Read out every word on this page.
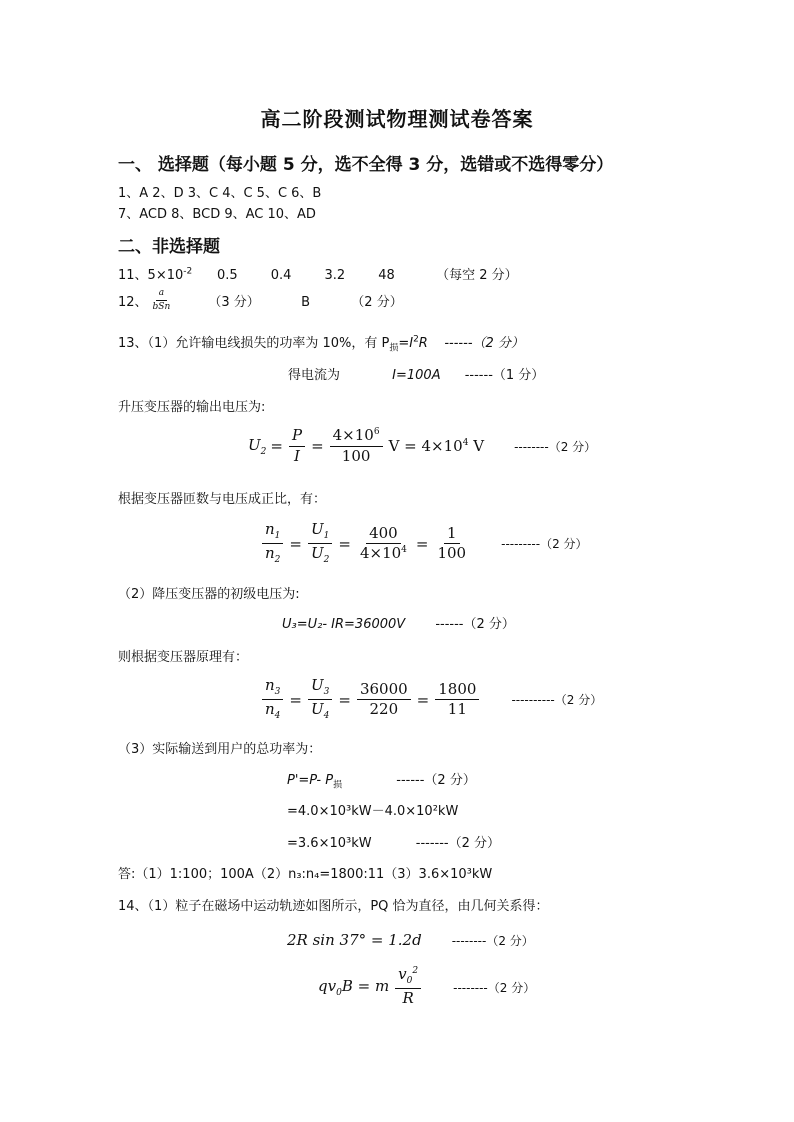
高二阶段测试物理测试卷答案
一、 选择题（每小题 5 分，选不全得 3 分，选错或不选得零分）
1、A 2、D 3、C 4、C 5、C 6、B
7、ACD 8、BCD 9、AC 10、AD
二、非选择题
11、$5\times 10^{-2}$      0.5        0.4        3.2        48          （每空 2 分）
12、 $\frac{a}{\text{bSn}} (3$ 分）          B          （2 分）
13、（1）允许输电线损失的功率为 10%，有 $P_损=I^2R$    ------（2 分）
得电流为	I=100A ------（1 分）
升压变压器的输出电压为:
$U_2 = \frac{P}{I} = \frac{4\times 10^6}{100}$ $V = 4\times 10^4$ V	--------（2 分）
根据变压器匝数与电压成正比，有：
$\frac{n_1}{n_2} = \frac{U_1}{U_2} = \frac{400}{4\times 10^4} = \frac{1}{100}$	---------（2 分）
（2）降压变压器的初级电压为:
U₃=U₂- IR=36000V ------（2 分）
则根据变压器原理有：
$\frac{n_3}{n_4} = \frac{U_3}{U_4} = \frac{36000}{220} = \frac{1800}{11}$	----------（2 分）
（3）实际输送到用户的总功率为：
P'=P- $P_损$	------（2 分）
=4.0×10³kW－4.0×10²kW
=3.6×10³kW	-------（2 分）
答:（1）1:100；100A（2）n₃:n₄=1800:11（3）3.6×10³kW
14、（1）粒子在磁场中运动轨迹如图所示，PQ 恰为直径，由几何关系得：
2R sin 37° = 1.2d	--------（2 分）
$qv_0B = m \frac{v_0^2}{R}$	--------（2 分）
